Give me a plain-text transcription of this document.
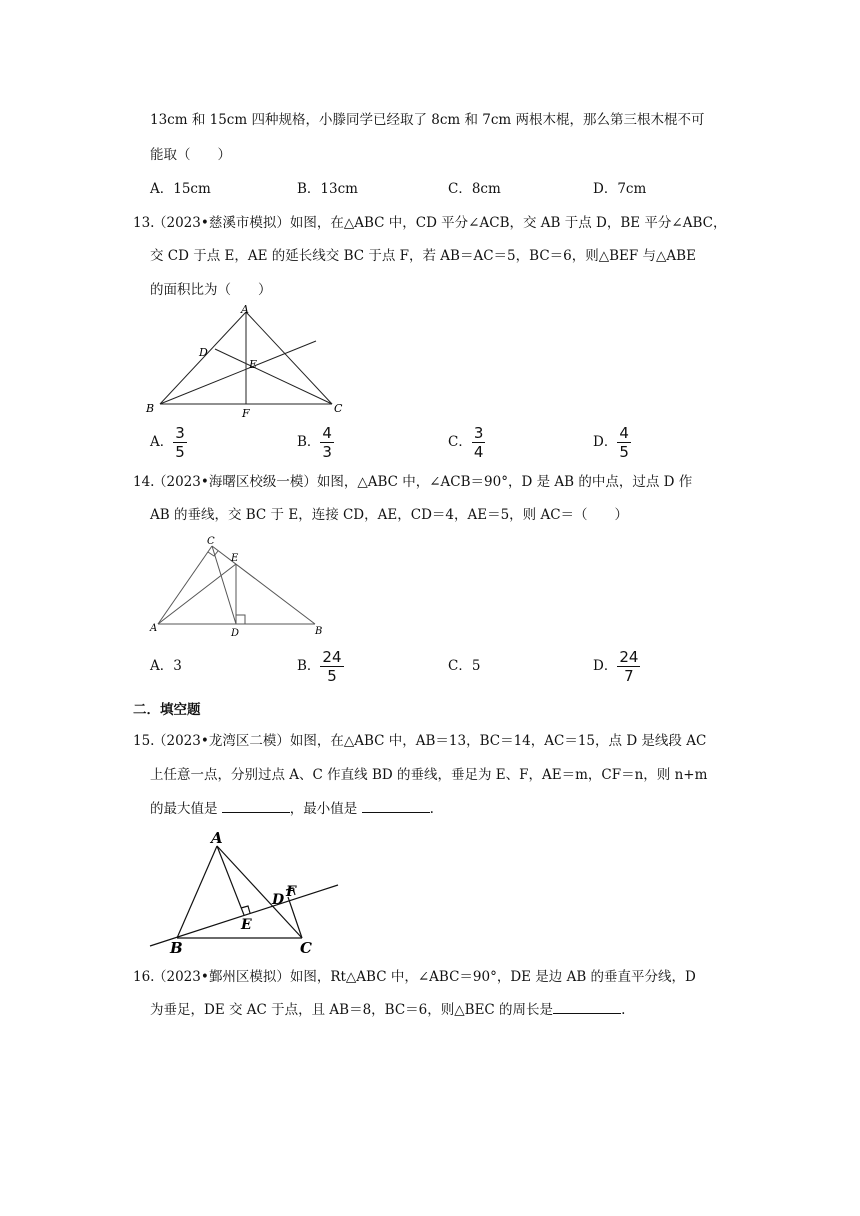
13cm 和 15cm 四种规格，小滕同学已经取了 8cm 和 7cm 两根木棍，那么第三根木棍不可
能取（　　）
A．15cm	B．13cm	C．8cm	D．7cm
13.
（2023•慈溪市模拟）如图，在△ABC 中，CD 平分∠ACB，交 AB 于点 D，BE 平分∠ABC，
交 CD 于点 E，AE 的延长线交 BC 于点 F，若 AB＝AC＝5，BC＝6，则△BEF 与△ABE
的面积比为（　　）
A
B	C
D
E
F
A． $\frac{3}{5}$	B． $\frac{4}{3}$	C． $\frac{3}{4}$	D． $\frac{4}{5}$
14.
（2023•海曙区校级一模）如图，△ABC 中，∠ACB＝90°，D 是 AB 的中点，过点 D 作
AB 的垂线，交 BC 于 E，连接 CD，AE，CD＝4，AE＝5，则 AC＝（　　）
C
E
A	D	B
A．3	B． $\frac{24}{5}$	C．5	D． $\frac{24}{7}$
二．填空题
15.
（2023•龙湾区二模）如图，在△ABC 中，AB＝13，BC＝14，AC＝15，点 D 是线段 AC
上任意一点，分别过点 A、C 作直线 BD 的垂线，垂足为 E、F，AE＝m，CF＝n，则 n+m
的最大值是	，最小值是	.
A
B	C
D F
E
16.
（2023•鄞州区模拟）如图，Rt△ABC 中，∠ABC＝90°，DE 是边 AB 的垂直平分线，D
为垂足，DE 交 AC 于点，且 AB＝8，BC＝6，则△BEC 的周长是	.
